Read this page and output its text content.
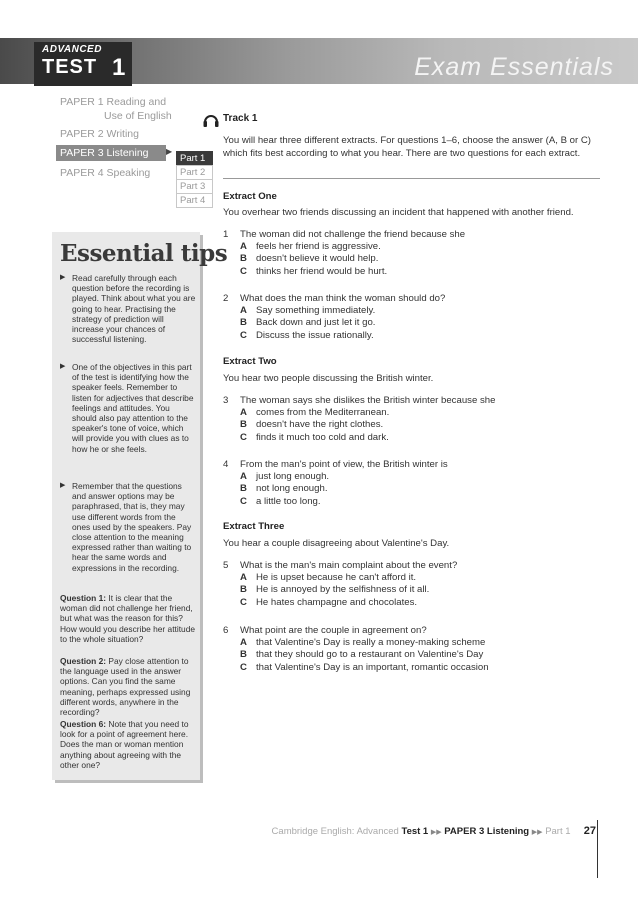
ADVANCED
TEST 1	Exam Essentials
PAPER 1 Reading and
Use of English
PAPER 2 Writing
PAPER 3 Listening	▶
PAPER 4 Speaking
Part 1
Part 2
Part 3
Part 4
Track 1
You will hear three different extracts. For questions 1–6, choose the answer (A, B or C) which fits best according to what you hear. There are two questions for each extract.
Extract One
You overhear two friends discussing an incident that happened with another friend.
1	The woman did not challenge the friend because she
A feels her friend is aggressive.
B doesn't believe it would help.
C thinks her friend would be hurt.
2	What does the man think the woman should do?
A Say something immediately.
B Back down and just let it go.
C Discuss the issue rationally.
Extract Two
You hear two people discussing the British winter.
3	The woman says she dislikes the British winter because she
A comes from the Mediterranean.
B doesn't have the right clothes.
C finds it much too cold and dark.
4	From the man's point of view, the British winter is
A just long enough.
B not long enough.
C a little too long.
Extract Three
You hear a couple disagreeing about Valentine's Day.
5	What is the man's main complaint about the event?
A He is upset because he can't afford it.
B He is annoyed by the selfishness of it all.
C He hates champagne and chocolates.
6	What point are the couple in agreement on?
A that Valentine's Day is really a money-making scheme
B that they should go to a restaurant on Valentine's Day
C that Valentine's Day is an important, romantic occasion
Essential tips
▶ Read carefully through each question before the recording is played. Think about what you are going to hear. Practising the strategy of prediction will increase your chances of successful listening.
▶ One of the objectives in this part of the test is identifying how the speaker feels. Remember to listen for adjectives that describe feelings and attitudes. You should also pay attention to the speaker's tone of voice, which will provide you with clues as to how he or she feels.
▶ Remember that the questions and answer options may be paraphrased, that is, they may use different words from the ones used by the speakers. Pay close attention to the meaning expressed rather than waiting to hear the same words and expressions in the recording.
Question 1: It is clear that the woman did not challenge her friend, but what was the reason for this? How would you describe her attitude to the whole situation?
Question 2: Pay close attention to the language used in the answer options. Can you find the same meaning, perhaps expressed using different words, anywhere in the recording?
Question 6: Note that you need to look for a point of agreement here. Does the man or woman mention anything about agreeing with the other one?
Cambridge English: Advanced Test 1 ▶▶ PAPER 3 Listening ▶▶ Part 1 27
